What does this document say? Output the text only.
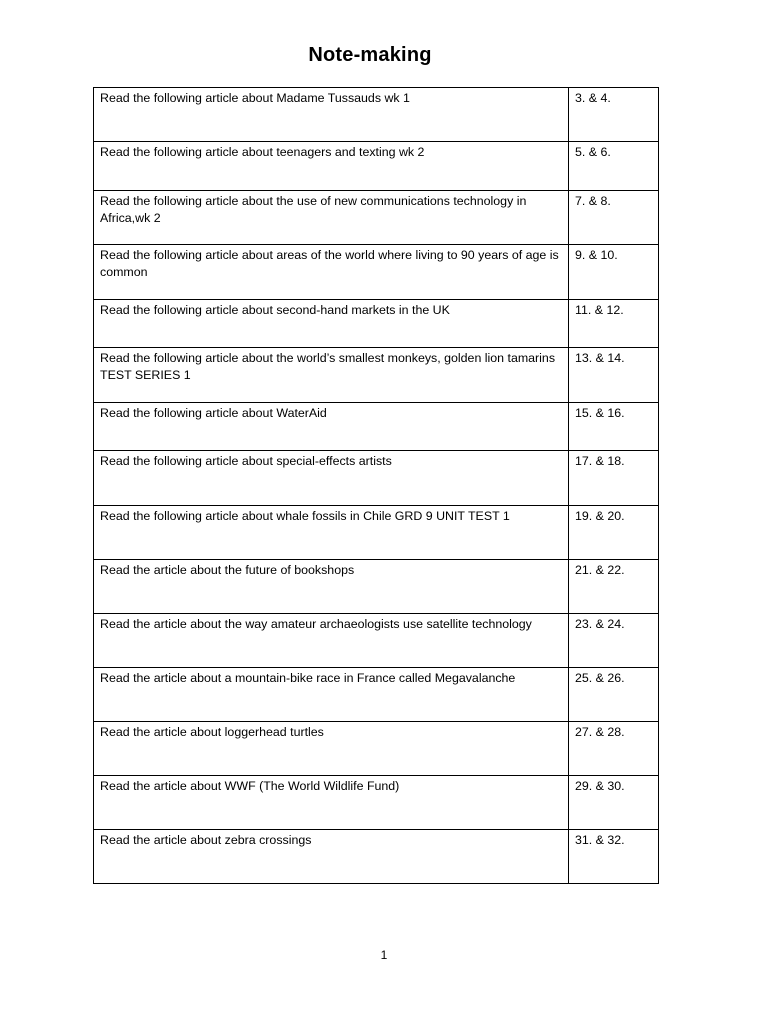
Note-making
Read the following article about Madame Tussauds wk 1	3. & 4.
Read the following article about teenagers and texting wk 2	5. & 6.
Read the following article about the use of new communications technology in Africa,wk 2	7. & 8.
Read the following article about areas of the world where living to 90 years of age is common	9. & 10.
Read the following article about second-hand markets in the UK	11. & 12.
Read the following article about the world’s smallest monkeys, golden lion tamarins TEST SERIES 1	13. & 14.
Read the following article about WaterAid	15. & 16.
Read the following article about special-effects artists	17. & 18.
Read the following article about whale fossils in Chile GRD 9 UNIT TEST 1	19. & 20.
Read the article about the future of bookshops	21. & 22.
Read the article about the way amateur archaeologists use satellite technology	23. & 24.
Read the article about a mountain-bike race in France called Megavalanche	25. & 26.
Read the article about loggerhead turtles	27. & 28.
Read the article about WWF (The World Wildlife Fund)	29. & 30.
Read the article about zebra crossings	31. & 32.
1
